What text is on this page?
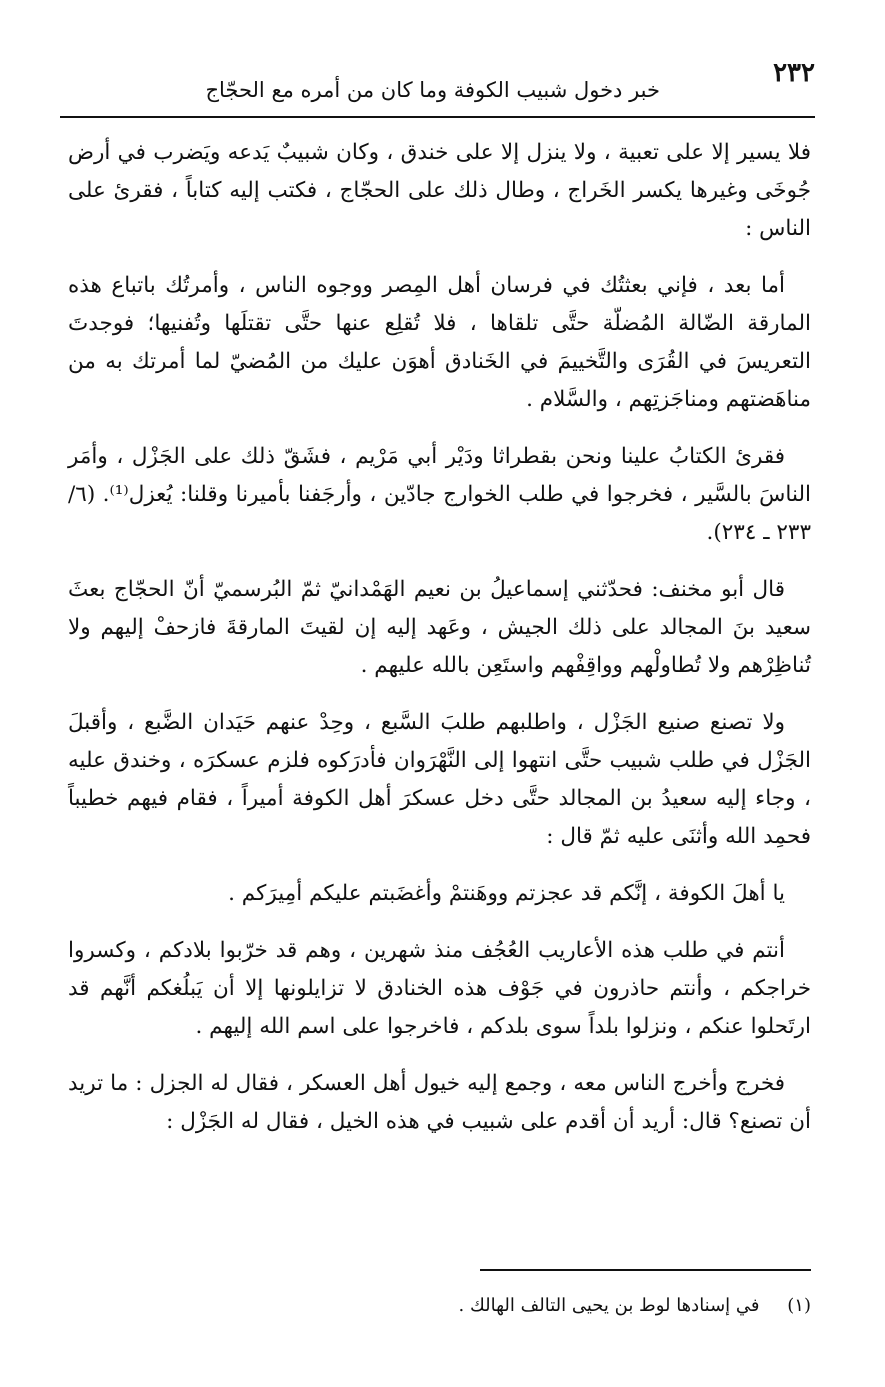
٢٣٢
خبر دخول شبيب الكوفة وما كان من أمره مع الحجّاج

فلا يسير إلا على تعبية ، ولا ينزل إلا على خندق ، وكان شبيبٌ يَدعه ويَضرب في أرض جُوخَى وغيرها يكسر الخَراج ، وطال ذلك على الحجّاج ، فكتب إليه كتاباً ، فقرئ على الناس :

أما بعد ، فإني بعثتُك في فرسان أهل المِصر ووجوه الناس ، وأمرتُك باتباع هذه المارقة الضّالة المُضلّة حتَّى تلقاها ، فلا تُقلِع عنها حتَّى تقتلَها وتُفنيها؛ فوجدتَ التعريسَ في القُرَى والتَّخييمَ في الخَنادق أهوَن عليك من المُضيّ لما أمرتك به من مناهَضتهم ومناجَزتِهم ، والسَّلام .

فقرئ الكتابُ علينا ونحن بقطراثا ودَيْر أبي مَرْيم ، فشَقّ ذلك على الجَزْل ، وأمَر الناسَ بالسَّير ، فخرجوا في طلب الخوارج جادّين ، وأرجَفنا بأميرنا وقلنا: يُعزل⁽¹⁾. (٦/ ٢٣٣ ـ ٢٣٤).

قال أبو مخنف: فحدّثني إسماعيلُ بن نعيم الهَمْدانيّ ثمّ البُرسميّ أنّ الحجّاج بعثَ سعيد بنَ المجالد على ذلك الجيش ، وعَهد إليه إن لقيتَ المارقةَ فازحفْ إليهم ولا تُناظِرْهم ولا تُطاولْهم وواقِفْهم واستَعِن بالله عليهم .

ولا تصنع صنيع الجَزْل ، واطلبهم طلبَ السَّبع ، وحِدْ عنهم حَيَدان الضَّبع ، وأقبلَ الجَزْل في طلب شبيب حتَّى انتهوا إلى النَّهْرَوان فأدرَكوه فلزم عسكرَه ، وخندق عليه ، وجاء إليه سعيدُ بن المجالد حتَّى دخل عسكرَ أهل الكوفة أميراً ، فقام فيهم خطيباً فحمِد الله وأثنَى عليه ثمّ قال :

يا أهلَ الكوفة ، إنَّكم قد عجزتم ووهَنتمْ وأغضَبتم عليكم أمِيرَكم .

أنتم في طلب هذه الأعاريب العُجُف منذ شهرين ، وهم قد خرّبوا بلادكم ، وكسروا خراجكم ، وأنتم حاذرون في جَوْف هذه الخنادق لا تزايلونها إلا أن يَبلُغكم أنَّهم قد ارتَحلوا عنكم ، ونزلوا بلداً سوى بلدكم ، فاخرجوا على اسم الله إليهم .

فخرج وأخرج الناس معه ، وجمع إليه خيول أهل العسكر ، فقال له الجزل : ما تريد أن تصنع؟ قال: أريد أن أقدم على شبيب في هذه الخيل ، فقال له الجَزْل :

(١) في إسنادها لوط بن يحيى التالف الهالك .
